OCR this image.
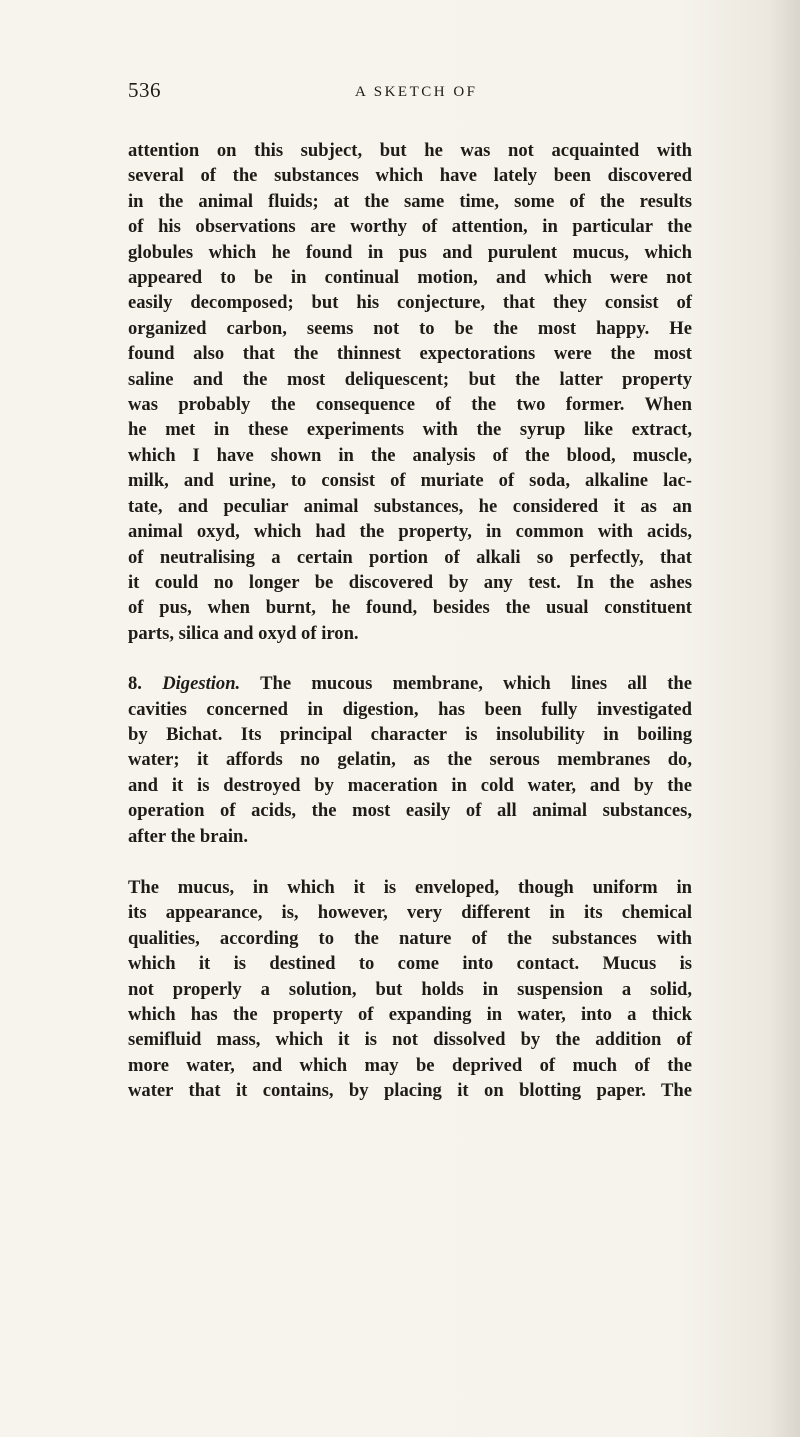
536	A SKETCH OF
attention on this subject, but he was not acquainted with
several of the substances which have lately been discovered
in the animal fluids; at the same time, some of the results
of his observations are worthy of attention, in particular the
globules which he found in pus and purulent mucus, which
appeared to be in continual motion, and which were not
easily decomposed; but his conjecture, that they consist of
organized carbon, seems not to be the most happy. He
found also that the thinnest expectorations were the most
saline and the most deliquescent; but the latter property
was probably the consequence of the two former. When
he met in these experiments with the syrup like extract,
which I have shown in the analysis of the blood, muscle,
milk, and urine, to consist of muriate of soda, alkaline lac-
tate, and peculiar animal substances, he considered it as an
animal oxyd, which had the property, in common with acids,
of neutralising a certain portion of alkali so perfectly, that
it could no longer be discovered by any test. In the ashes
of pus, when burnt, he found, besides the usual constituent
parts, silica and oxyd of iron.
8. Digestion. The mucous membrane, which lines all the
cavities concerned in digestion, has been fully investigated
by Bichat. Its principal character is insolubility in boiling
water; it affords no gelatin, as the serous membranes do,
and it is destroyed by maceration in cold water, and by the
operation of acids, the most easily of all animal substances,
after the brain.
The mucus, in which it is enveloped, though uniform in
its appearance, is, however, very different in its chemical
qualities, according to the nature of the substances with
which it is destined to come into contact. Mucus is
not properly a solution, but holds in suspension a solid,
which has the property of expanding in water, into a thick
semifluid mass, which it is not dissolved by the addition of
more water, and which may be deprived of much of the
water that it contains, by placing it on blotting paper. The
